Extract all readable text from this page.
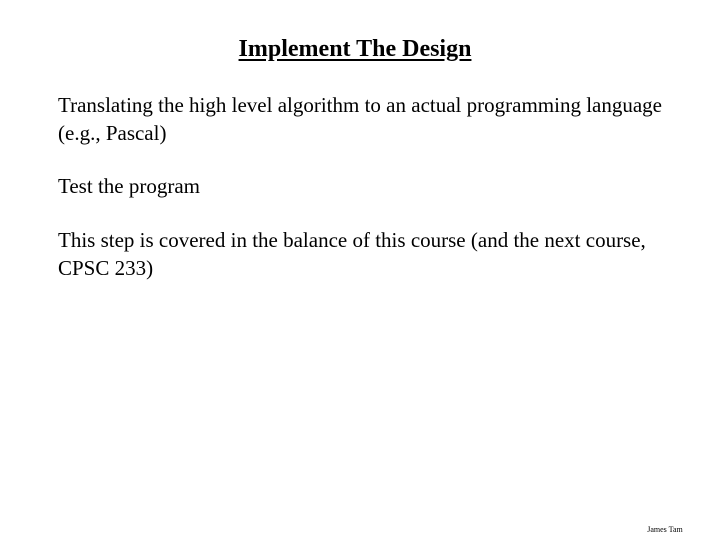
Implement The Design
Translating the high level algorithm to an actual programming language (e.g., Pascal)
Test the program
This step is covered in the balance of this course (and the next course, CPSC 233)
James Tam
